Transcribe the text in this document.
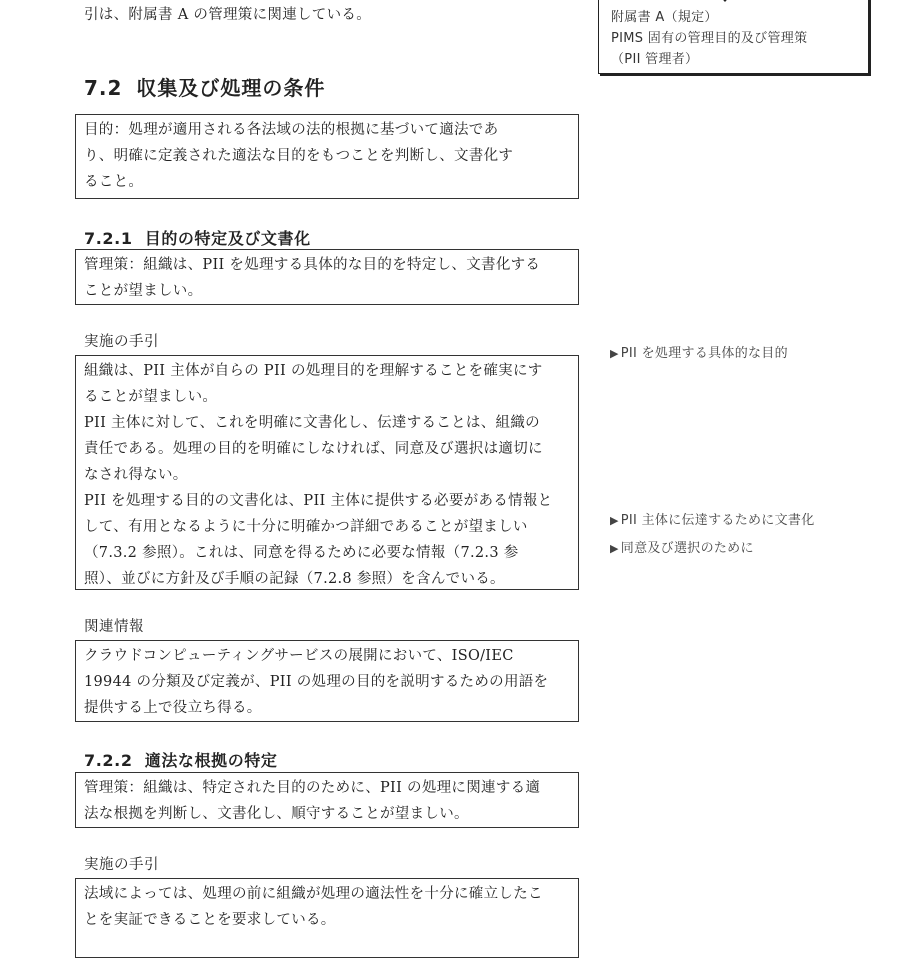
引は、附属書 A の管理策に関連している。	附属書 A（規定）
PIMS 固有の管理目的及び管理策
（PII 管理者）
7.2 収集及び処理の条件

目的：処理が適用される各法域の法的根拠に基づいて適法であ

り、明確に定義された適法な目的をもつことを判断し、文書化す

ること。

7.2.1 目的の特定及び文書化

管理策：組織は、PII を処理する具体的な目的を特定し、文書化する

ことが望ましい。

実施の手引

組織は、PII 主体が自らの PII の処理目的を理解することを確実にす

ることが望ましい。

PII 主体に対して、これを明確に文書化し、伝達することは、組織の

責任である。処理の目的を明確にしなければ、同意及び選択は適切に

なされ得ない。

PII を処理する目的の文書化は、PII 主体に提供する必要がある情報と

して、有用となるように十分に明確かつ詳細であることが望ましい

（7.3.2 参照）。これは、同意を得るために必要な情報（7.2.3 参

照）、並びに方針及び手順の記録（7.2.8 参照）を含んでいる。

関連情報

クラウドコンピューティングサービスの展開において、ISO/IEC

19944 の分類及び定義が、PII の処理の目的を説明するための用語を

提供する上で役立ち得る。

7.2.2 適法な根拠の特定

管理策：組織は、特定された目的のために、PII の処理に関連する適

法な根拠を判断し、文書化し、順守することが望ましい。

実施の手引

法域によっては、処理の前に組織が処理の適法性を十分に確立したこ

とを実証できることを要求している。

▶ PII を処理する具体的な目的
▶ PII 主体に伝達するために文書化
▶ 同意及び選択のために
